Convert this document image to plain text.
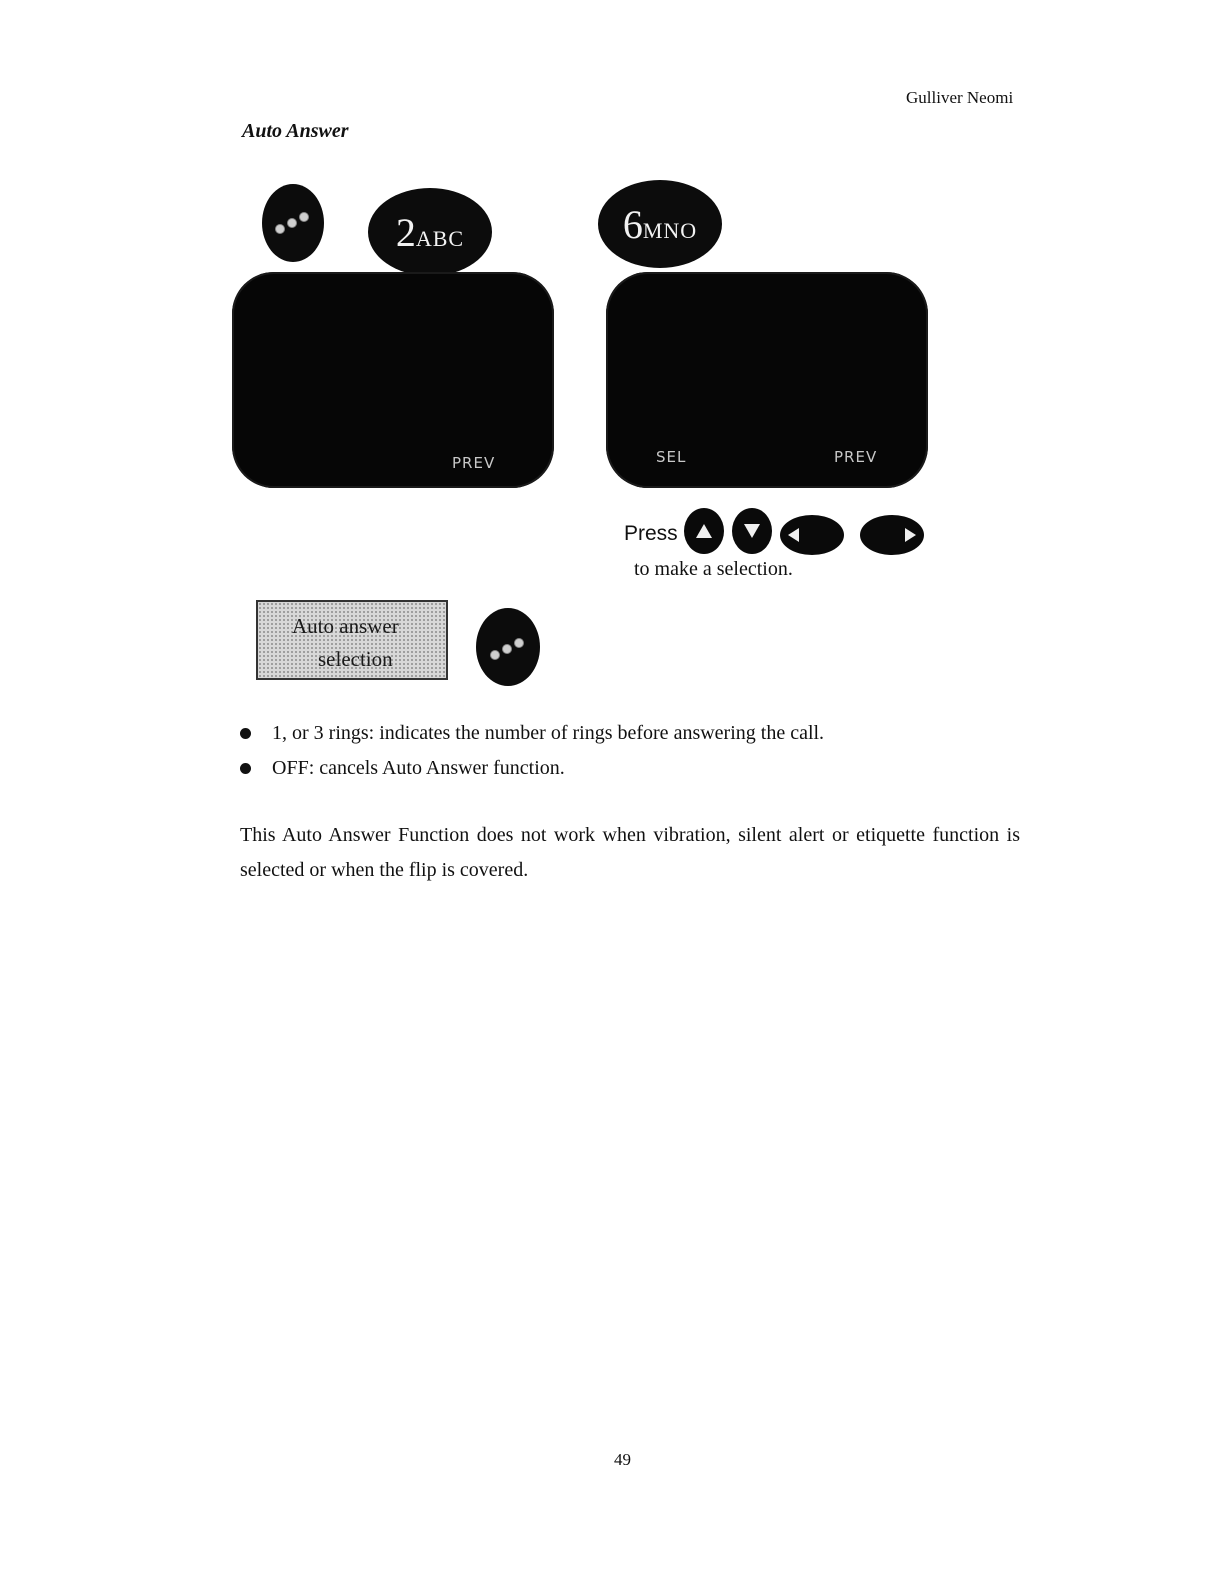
Gulliver Neomi
Auto Answer
2 ABC	6 MNO
PREV	SEL	PREV
Press
to make a selection.
Auto answer
selection
1, or 3 rings: indicates the number of rings before answering the call.
OFF: cancels Auto Answer function.
This Auto Answer Function does not work when vibration, silent alert or etiquette function is selected or when the flip is covered.
49
